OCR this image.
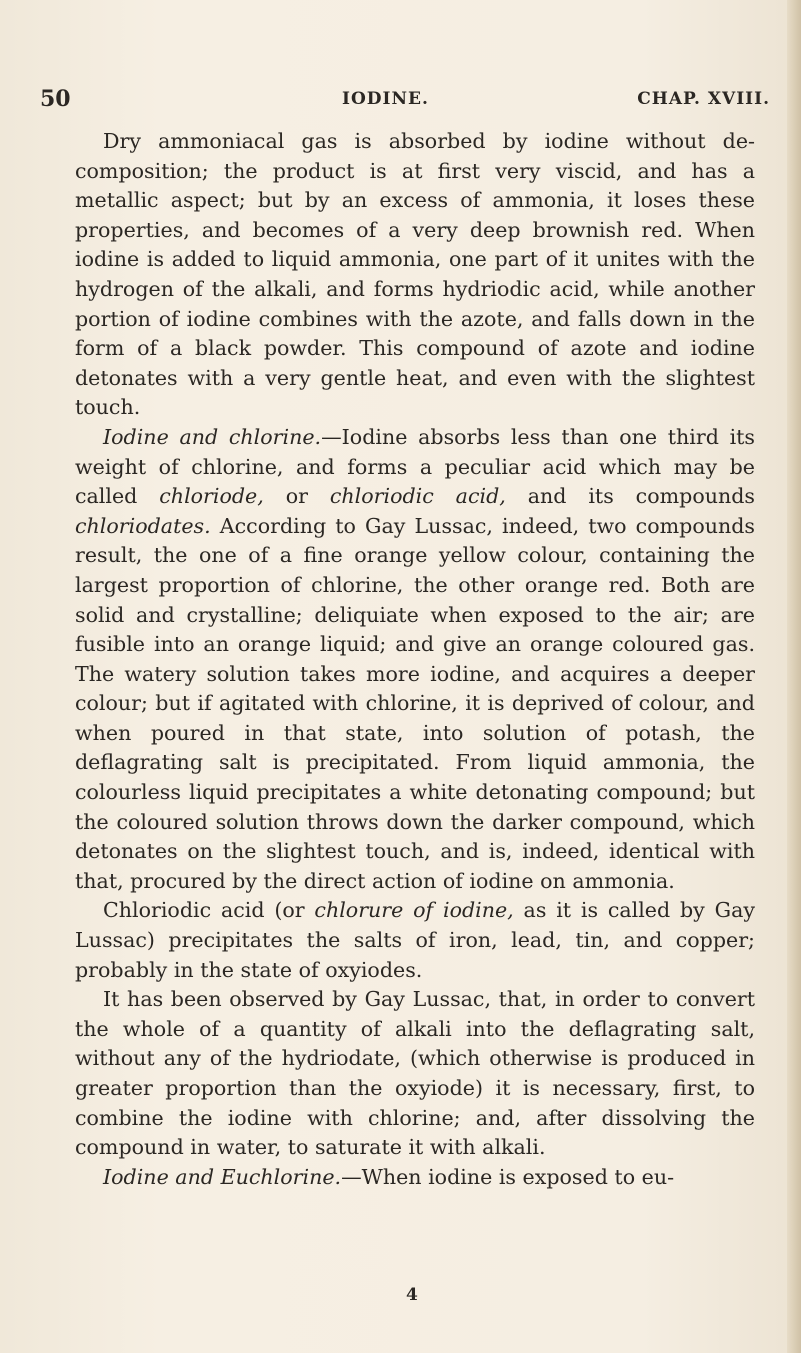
50	IODINE.	CHAP. XVIII.

Dry ammoniacal gas is absorbed by iodine without decomposition; the product is at first very viscid, and has a metallic aspect; but by an excess of ammonia, it loses these properties, and becomes of a very deep brownish red. When iodine is added to liquid ammonia, one part of it unites with the hydrogen of the alkali, and forms hydriodic acid, while another portion of iodine combines with the azote, and falls down in the form of a black powder. This compound of azote and iodine detonates with a very gentle heat, and even with the slightest touch.

Iodine and chlorine.—Iodine absorbs less than one third its weight of chlorine, and forms a peculiar acid which may be called chloriode, or chloriodic acid, and its compounds chloriodates. According to Gay Lussac, indeed, two compounds result, the one of a fine orange yellow colour, containing the largest proportion of chlorine, the other orange red. Both are solid and crystalline; deliquiate when exposed to the air; are fusible into an orange liquid; and give an orange coloured gas. The watery solution takes more iodine, and acquires a deeper colour; but if agitated with chlorine, it is deprived of colour, and when poured in that state, into solution of potash, the deflagrating salt is precipitated. From liquid ammonia, the colourless liquid precipitates a white detonating compound; but the coloured solution throws down the darker compound, which detonates on the slightest touch, and is, indeed, identical with that, procured by the direct action of iodine on ammonia.

Chloriodic acid (or chlorure of iodine, as it is called by Gay Lussac) precipitates the salts of iron, lead, tin, and copper; probably in the state of oxyiodes.

It has been observed by Gay Lussac, that, in order to convert the whole of a quantity of alkali into the deflagrating salt, without any of the hydriodate, (which otherwise is produced in greater proportion than the oxyiode) it is necessary, first, to combine the iodine with chlorine; and, after dissolving the compound in water, to saturate it with alkali.

Iodine and Euchlorine.—When iodine is exposed to eu-

4
